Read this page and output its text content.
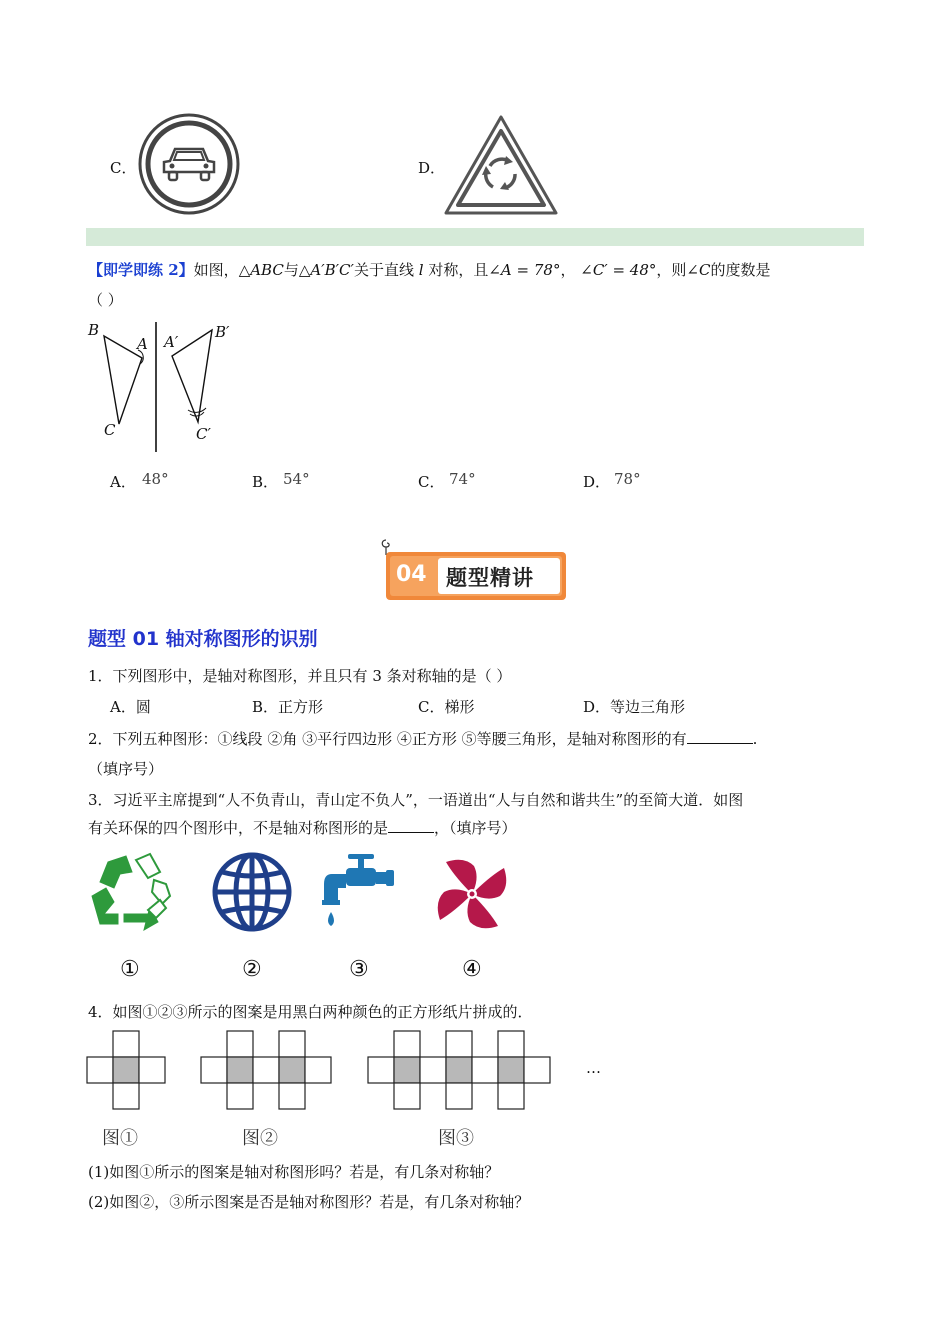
C．	D．
【即学即练 2】如图，△ABC与△A′B′C′关于直线 l 对称，且∠A = 78°， ∠C′ = 48°，则∠C的度数是
（ ）
B
A
C
A′
B′
C′
A． 48°	B． 54°	C． 74°	D． 78°
04 题型精讲
题型 01 轴对称图形的识别
1．下列图形中，是轴对称图形，并且只有 3 条对称轴的是（ ）
A．圆	B．正方形	C．梯形	D．等边三角形
2．下列五种图形：①线段 ②角 ③平行四边形 ④正方形 ⑤等腰三角形，是轴对称图形的有	.
（填序号）
3．习近平主席提到“人不负青山，青山定不负人”，一语道出“人与自然和谐共生”的至简大道．如图
有关环保的四个图形中，不是轴对称图形的是	，（填序号）
①	②	③	④
4．如图①②③所示的图案是用黑白两种颜色的正方形纸片拼成的．
…
图①	图②	图③
(1)如图①所示的图案是轴对称图形吗？若是，有几条对称轴？
(2)如图②，③所示图案是否是轴对称图形？若是，有几条对称轴？
